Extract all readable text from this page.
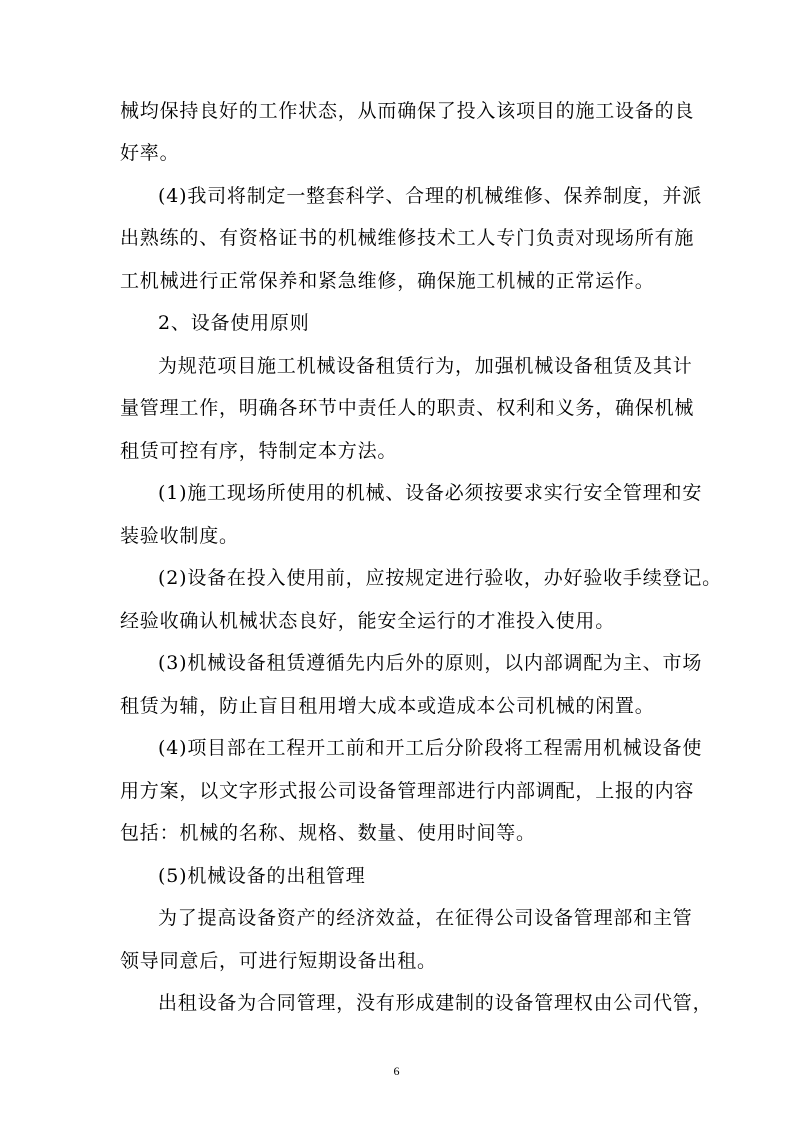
械均保持良好的工作状态，从而确保了投入该项目的施工设备的良
好率。
(4)我司将制定一整套科学、合理的机械维修、保养制度，并派
出熟练的、有资格证书的机械维修技术工人专门负责对现场所有施
工机械进行正常保养和紧急维修，确保施工机械的正常运作。
2、设备使用原则
为规范项目施工机械设备租赁行为，加强机械设备租赁及其计
量管理工作，明确各环节中责任人的职责、权利和义务，确保机械
租赁可控有序，特制定本方法。
(1)施工现场所使用的机械、设备必须按要求实行安全管理和安
装验收制度。
(2)设备在投入使用前，应按规定进行验收，办好验收手续登记。
经验收确认机械状态良好，能安全运行的才准投入使用。
(3)机械设备租赁遵循先内后外的原则，以内部调配为主、市场
租赁为辅，防止盲目租用增大成本或造成本公司机械的闲置。
(4)项目部在工程开工前和开工后分阶段将工程需用机械设备使
用方案，以文字形式报公司设备管理部进行内部调配，上报的内容
包括：机械的名称、规格、数量、使用时间等。
(5)机械设备的出租管理
为了提高设备资产的经济效益，在征得公司设备管理部和主管
领导同意后，可进行短期设备出租。
出租设备为合同管理，没有形成建制的设备管理权由公司代管，
6
